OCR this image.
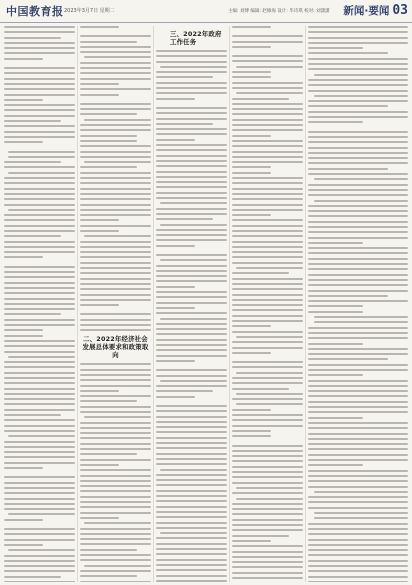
中国教育报 2023年3月7日 星期二	主编: 刘博 编辑: 赵修海 设计: 毕诗琪 校对: 刘潇潇 新闻·要闻 03
二、2022年经济社会发展总体要求和政策取向
三、2022年政府工作任务
